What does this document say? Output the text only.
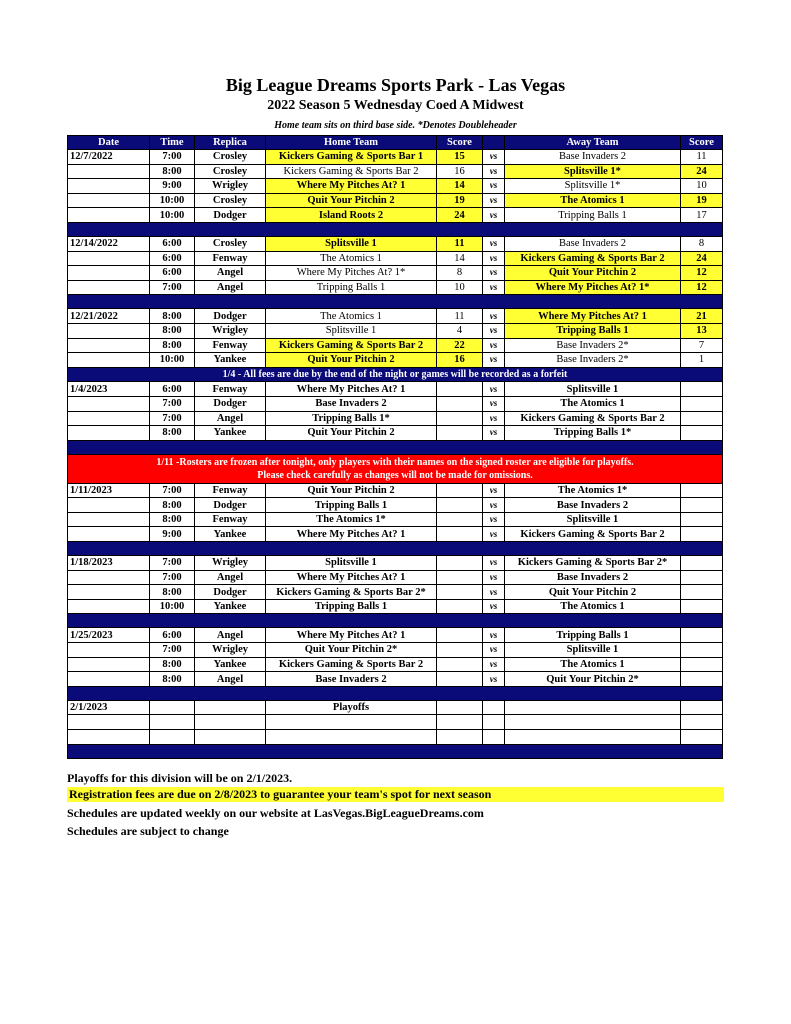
Big League Dreams Sports Park - Las Vegas
2022 Season 5 Wednesday Coed A Midwest
Home team sits on third base side. *Denotes Doubleheader
Date	Time	Replica	Home Team	Score		Away Team	Score
12/7/2022	7:00	Crosley	Kickers Gaming & Sports Bar 1	15	vs	Base Invaders 2	11
	8:00	Crosley	Kickers Gaming & Sports Bar 2	16	vs	Splitsville 1*	24
	9:00	Wrigley	Where My Pitches At? 1	14	vs	Splitsville 1*	10
	10:00	Crosley	Quit Your Pitchin 2	19	vs	The Atomics 1	19
	10:00	Dodger	Island Roots 2	24	vs	Tripping Balls 1	17

12/14/2022	6:00	Crosley	Splitsville 1	11	vs	Base Invaders 2	8
	6:00	Fenway	The Atomics 1	14	vs	Kickers Gaming & Sports Bar 2	24
	6:00	Angel	Where My Pitches At? 1*	8	vs	Quit Your Pitchin 2	12
	7:00	Angel	Tripping Balls 1	10	vs	Where My Pitches At? 1*	12

12/21/2022	8:00	Dodger	The Atomics 1	11	vs	Where My Pitches At? 1	21
	8:00	Wrigley	Splitsville 1	4	vs	Tripping Balls 1	13
	8:00	Fenway	Kickers Gaming & Sports Bar 2	22	vs	Base Invaders 2*	7
	10:00	Yankee	Quit Your Pitchin 2	16	vs	Base Invaders 2*	1
1/4 - All fees are due by the end of the night or games will be recorded as a forfeit							
1/4/2023	6:00	Fenway	Where My Pitches At? 1		vs	Splitsville 1	
	7:00	Dodger	Base Invaders 2		vs	The Atomics 1	
	7:00	Angel	Tripping Balls 1*		vs	Kickers Gaming & Sports Bar 2	
	8:00	Yankee	Quit Your Pitchin 2		vs	Tripping Balls 1*	

1/11 -Rosters are frozen after tonight, only players with their names on the signed roster are eligible for playoffs.
Please check carefully as changes will not be made for omissions.							

1/11/2023	7:00	Fenway	Quit Your Pitchin 2		vs	The Atomics 1*	
	8:00	Dodger	Tripping Balls 1		vs	Base Invaders 2	
	8:00	Fenway	The Atomics 1*		vs	Splitsville 1	
	9:00	Yankee	Where My Pitches At? 1		vs	Kickers Gaming & Sports Bar 2	

1/18/2023	7:00	Wrigley	Splitsville 1		vs	Kickers Gaming & Sports Bar 2*	
	7:00	Angel	Where My Pitches At? 1		vs	Base Invaders 2	
	8:00	Dodger	Kickers Gaming & Sports Bar 2*		vs	Quit Your Pitchin 2	
	10:00	Yankee	Tripping Balls 1		vs	The Atomics 1	

1/25/2023	6:00	Angel	Where My Pitches At? 1		vs	Tripping Balls 1	
	7:00	Wrigley	Quit Your Pitchin 2*		vs	Splitsville 1	
	8:00	Yankee	Kickers Gaming & Sports Bar 2		vs	The Atomics 1	
	8:00	Angel	Base Invaders 2		vs	Quit Your Pitchin 2*	

2/1/2023			Playoffs				

Playoffs for this division will be on 2/1/2023.
Registration fees are due on 2/8/2023 to guarantee your team's spot for next season
Schedules are updated weekly on our website at LasVegas.BigLeagueDreams.com
Schedules are subject to change
